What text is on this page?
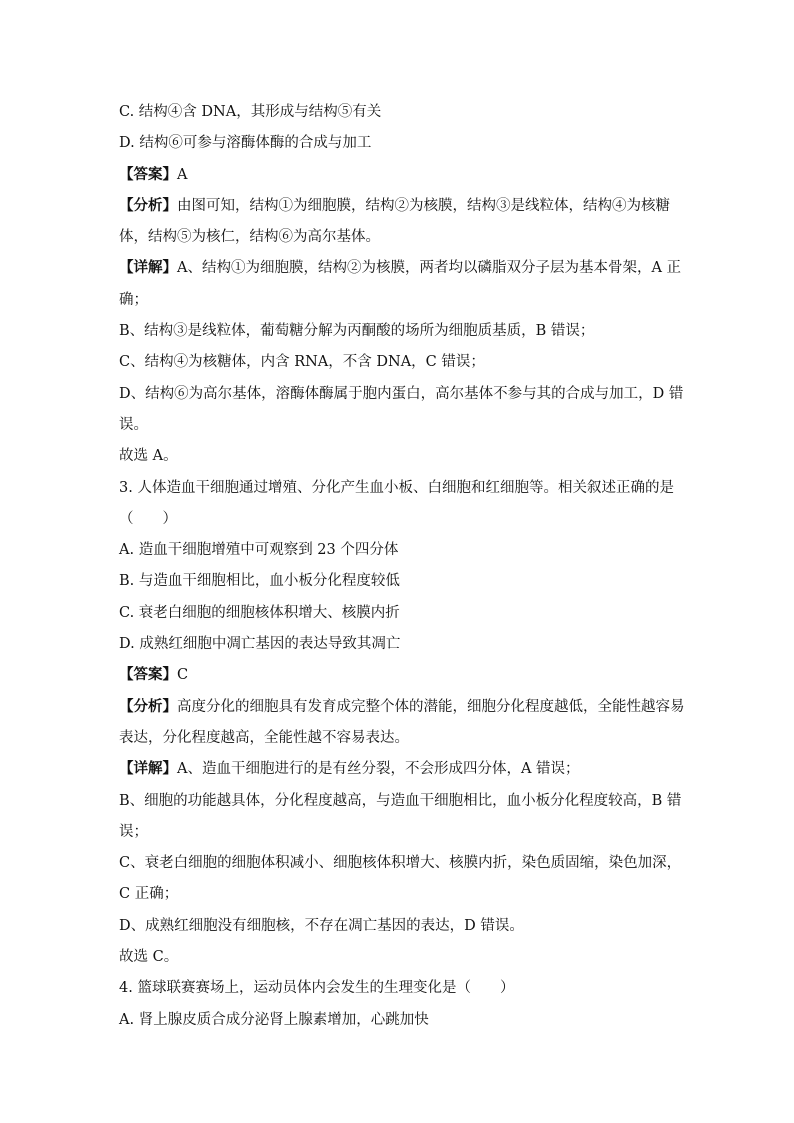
C. 结构④含 DNA，其形成与结构⑤有关
D. 结构⑥可参与溶酶体酶的合成与加工
【答案】A
【分析】由图可知，结构①为细胞膜，结构②为核膜，结构③是线粒体，结构④为核糖
体，结构⑤为核仁，结构⑥为高尔基体。
【详解】A、结构①为细胞膜，结构②为核膜，两者均以磷脂双分子层为基本骨架，A 正
确；
B、结构③是线粒体，葡萄糖分解为丙酮酸的场所为细胞质基质，B 错误；
C、结构④为核糖体，内含 RNA，不含 DNA，C 错误；
D、结构⑥为高尔基体，溶酶体酶属于胞内蛋白，高尔基体不参与其的合成与加工，D 错
误。
故选 A。
3. 人体造血干细胞通过增殖、分化产生血小板、白细胞和红细胞等。相关叙述正确的是
（　　）
A. 造血干细胞增殖中可观察到 23 个四分体
B. 与造血干细胞相比，血小板分化程度较低
C. 衰老白细胞的细胞核体积增大、核膜内折
D. 成熟红细胞中凋亡基因的表达导致其凋亡
【答案】C
【分析】高度分化的细胞具有发育成完整个体的潜能，细胞分化程度越低，全能性越容易
表达，分化程度越高，全能性越不容易表达。
【详解】A、造血干细胞进行的是有丝分裂，不会形成四分体，A 错误；
B、细胞的功能越具体，分化程度越高，与造血干细胞相比，血小板分化程度较高，B 错
误；
C、衰老白细胞的细胞体积减小、细胞核体积增大、核膜内折，染色质固缩，染色加深，
C 正确；
D、成熟红细胞没有细胞核，不存在凋亡基因的表达，D 错误。
故选 C。
4. 篮球联赛赛场上，运动员体内会发生的生理变化是（　　）
A. 肾上腺皮质合成分泌肾上腺素增加，心跳加快
